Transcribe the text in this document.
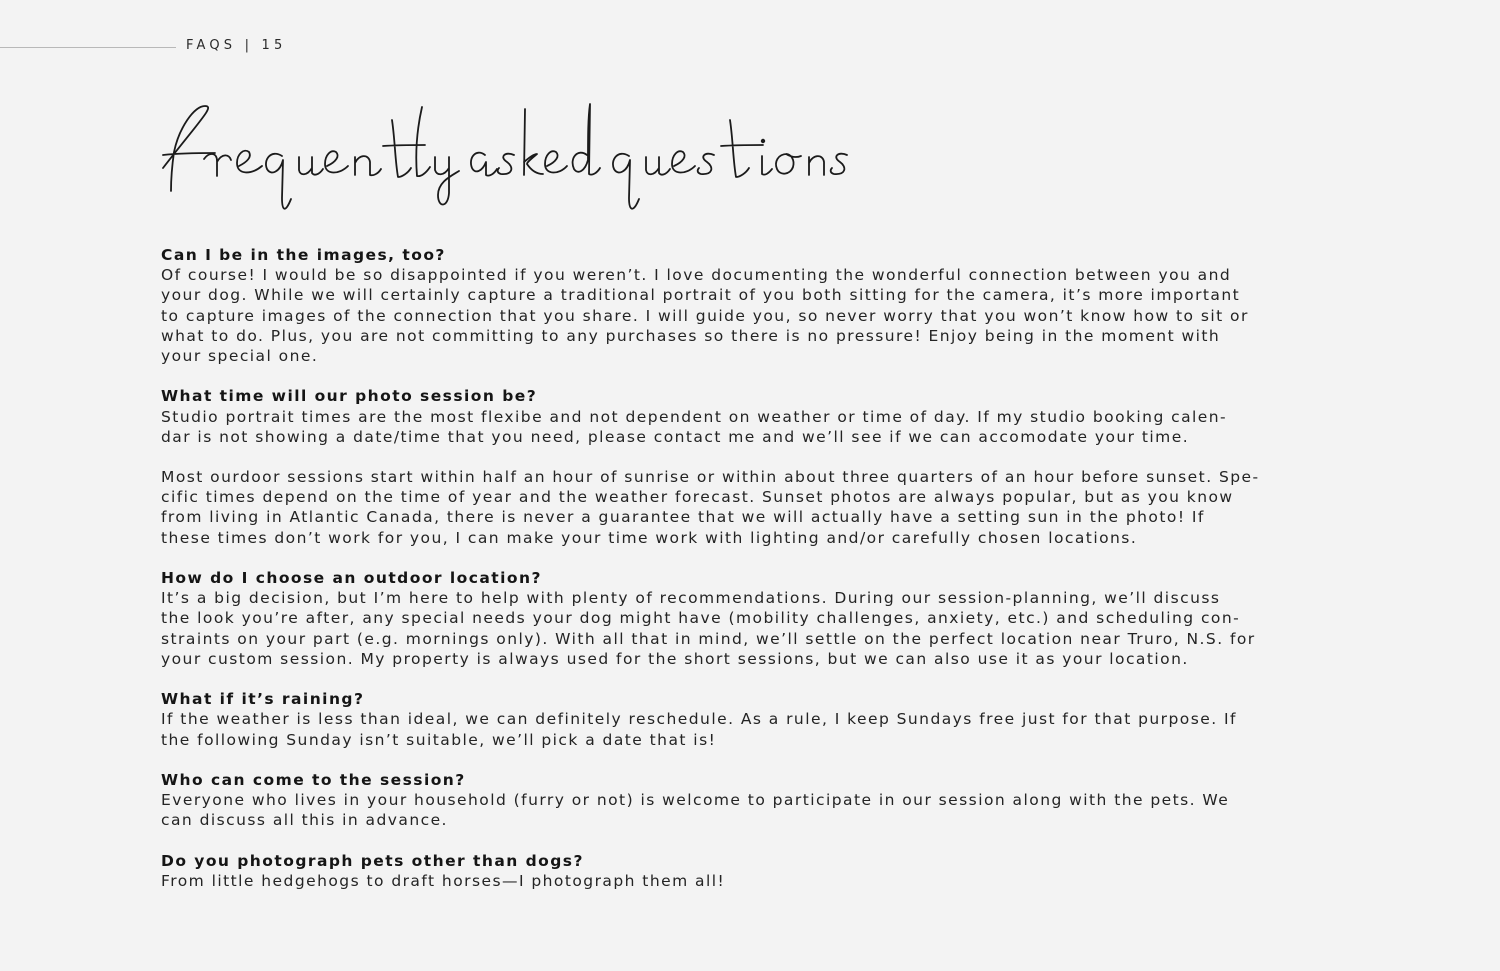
FAQS | 15
Can I be in the images, too?
Of course! I would be so disappointed if you weren’t. I love documenting the wonderful connection between you and
your dog. While we will certainly capture a traditional portrait of you both sitting for the camera, it’s more important
to capture images of the connection that you share. I will guide you, so never worry that you won’t know how to sit or
what to do. Plus, you are not committing to any purchases so there is no pressure! Enjoy being in the moment with
your special one.
What time will our photo session be?
Studio portrait times are the most flexibe and not dependent on weather or time of day. If my studio booking calen-
dar is not showing a date/time that you need, please contact me and we’ll see if we can accomodate your time.
Most ourdoor sessions start within half an hour of sunrise or within about three quarters of an hour before sunset. Spe-
cific times depend on the time of year and the weather forecast. Sunset photos are always popular, but as you know
from living in Atlantic Canada, there is never a guarantee that we will actually have a setting sun in the photo! If
these times don’t work for you, I can make your time work with lighting and/or carefully chosen locations.
How do I choose an outdoor location?
It’s a big decision, but I’m here to help with plenty of recommendations. During our session-planning, we’ll discuss
the look you’re after, any special needs your dog might have (mobility challenges, anxiety, etc.) and scheduling con-
straints on your part (e.g. mornings only). With all that in mind, we’ll settle on the perfect location near Truro, N.S. for
your custom session. My property is always used for the short sessions, but we can also use it as your location.
What if it’s raining?
If the weather is less than ideal, we can definitely reschedule. As a rule, I keep Sundays free just for that purpose. If
the following Sunday isn’t suitable, we’ll pick a date that is!
Who can come to the session?
Everyone who lives in your household (furry or not) is welcome to participate in our session along with the pets. We
can discuss all this in advance.
Do you photograph pets other than dogs?
From little hedgehogs to draft horses—I photograph them all!
